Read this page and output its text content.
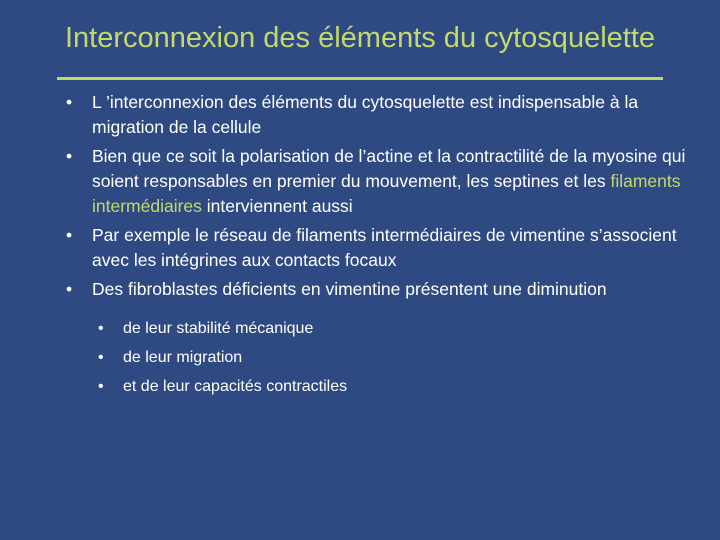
Interconnexion des éléments du cytosquelette
• L ’interconnexion des éléments du cytosquelette est indispensable à la migration de la cellule
• Bien que ce soit la polarisation de l’actine et la contractilité de la myosine qui soient responsables en premier du mouvement, les septines et les filaments intermédiaires interviennent aussi
• Par exemple le réseau de filaments intermédiaires de vimentine s’associent avec les intégrines aux contacts focaux
• Des fibroblastes déficients en vimentine présentent une diminution
• de leur stabilité mécanique
• de leur migration
• et de leur capacités contractiles
